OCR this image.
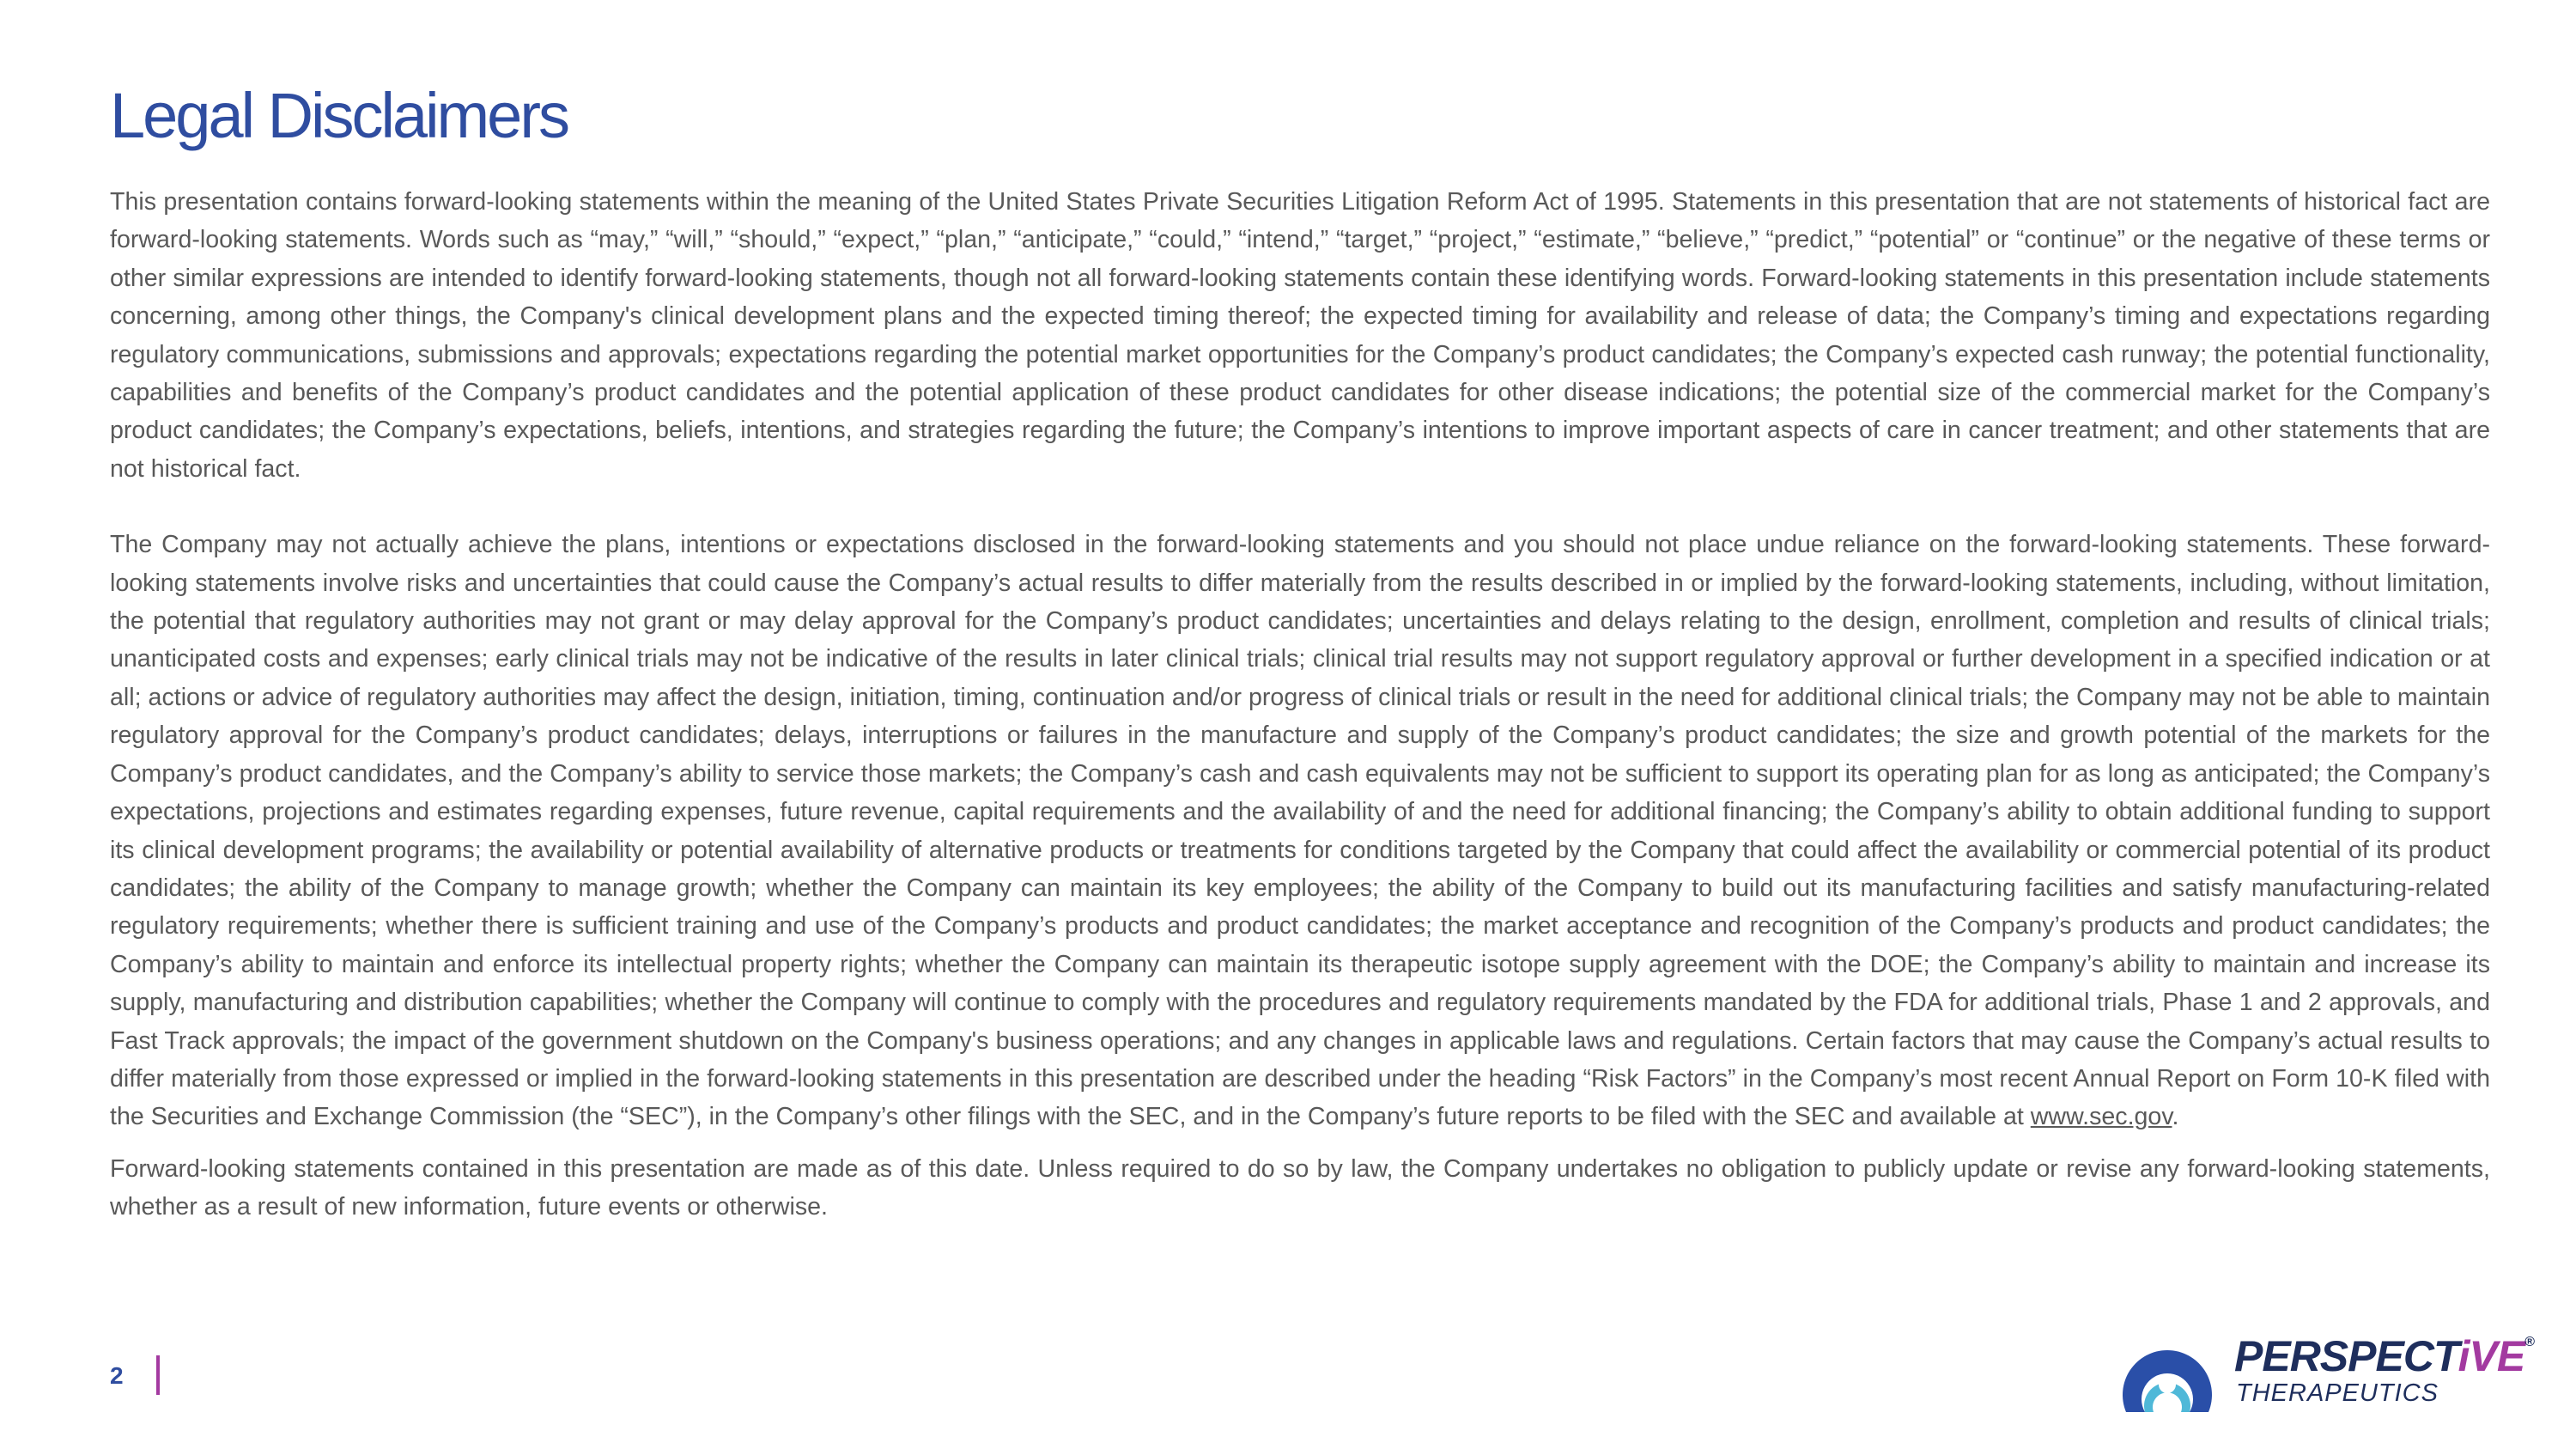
Legal Disclaimers

This presentation contains forward-looking statements within the meaning of the United States Private Securities Litigation Reform Act of 1995. Statements in this presentation that are not statements of historical fact are forward-looking statements. Words such as “may,” “will,” “should,” “expect,” “plan,” “anticipate,” “could,” “intend,” “target,” “project,” “estimate,” “believe,” “predict,” “potential” or “continue” or the negative of these terms or other similar expressions are intended to identify forward-looking statements, though not all forward-looking statements contain these identifying words. Forward-looking statements in this presentation include statements concerning, among other things, the Company's clinical development plans and the expected timing thereof; the expected timing for availability and release of data; the Company’s timing and expectations regarding regulatory communications, submissions and approvals; expectations regarding the potential market opportunities for the Company’s product candidates; the Company’s expected cash runway; the potential functionality, capabilities and benefits of the Company’s product candidates and the potential application of these product candidates for other disease indications; the potential size of the commercial market for the Company’s product candidates; the Company’s expectations, beliefs, intentions, and strategies regarding the future; the Company’s intentions to improve important aspects of care in cancer treatment; and other statements that are not historical fact.

The Company may not actually achieve the plans, intentions or expectations disclosed in the forward-looking statements and you should not place undue reliance on the forward-looking statements. These forward-looking statements involve risks and uncertainties that could cause the Company’s actual results to differ materially from the results described in or implied by the forward-looking statements, including, without limitation, the potential that regulatory authorities may not grant or may delay approval for the Company’s product candidates; uncertainties and delays relating to the design, enrollment, completion and results of clinical trials; unanticipated costs and expenses; early clinical trials may not be indicative of the results in later clinical trials; clinical trial results may not support regulatory approval or further development in a specified indication or at all; actions or advice of regulatory authorities may affect the design, initiation, timing, continuation and/or progress of clinical trials or result in the need for additional clinical trials; the Company may not be able to maintain regulatory approval for the Company’s product candidates; delays, interruptions or failures in the manufacture and supply of the Company’s product candidates; the size and growth potential of the markets for the Company’s product candidates, and the Company’s ability to service those markets; the Company’s cash and cash equivalents may not be sufficient to support its operating plan for as long as anticipated; the Company’s expectations, projections and estimates regarding expenses, future revenue, capital requirements and the availability of and the need for additional financing; the Company’s ability to obtain additional funding to support its clinical development programs; the availability or potential availability of alternative products or treatments for conditions targeted by the Company that could affect the availability or commercial potential of its product candidates; the ability of the Company to manage growth; whether the Company can maintain its key employees; the ability of the Company to build out its manufacturing facilities and satisfy manufacturing-related regulatory requirements; whether there is sufficient training and use of the Company’s products and product candidates; the market acceptance and recognition of the Company’s products and product candidates; the Company’s ability to maintain and enforce its intellectual property rights; whether the Company can maintain its therapeutic isotope supply agreement with the DOE; the Company’s ability to maintain and increase its supply, manufacturing and distribution capabilities; whether the Company will continue to comply with the procedures and regulatory requirements mandated by the FDA for additional trials, Phase 1 and 2 approvals, and Fast Track approvals; the impact of the government shutdown on the Company's business operations; and any changes in applicable laws and regulations. Certain factors that may cause the Company’s actual results to differ materially from those expressed or implied in the forward-looking statements in this presentation are described under the heading “Risk Factors” in the Company’s most recent Annual Report on Form 10-K filed with the Securities and Exchange Commission (the “SEC”), in the Company’s other filings with the SEC, and in the Company’s future reports to be filed with the SEC and available at www.sec.gov.

Forward-looking statements contained in this presentation are made as of this date. Unless required to do so by law, the Company undertakes no obligation to publicly update or revise any forward-looking statements, whether as a result of new information, future events or otherwise.

2	PERSPECTiVE®
THERAPEUTICS
